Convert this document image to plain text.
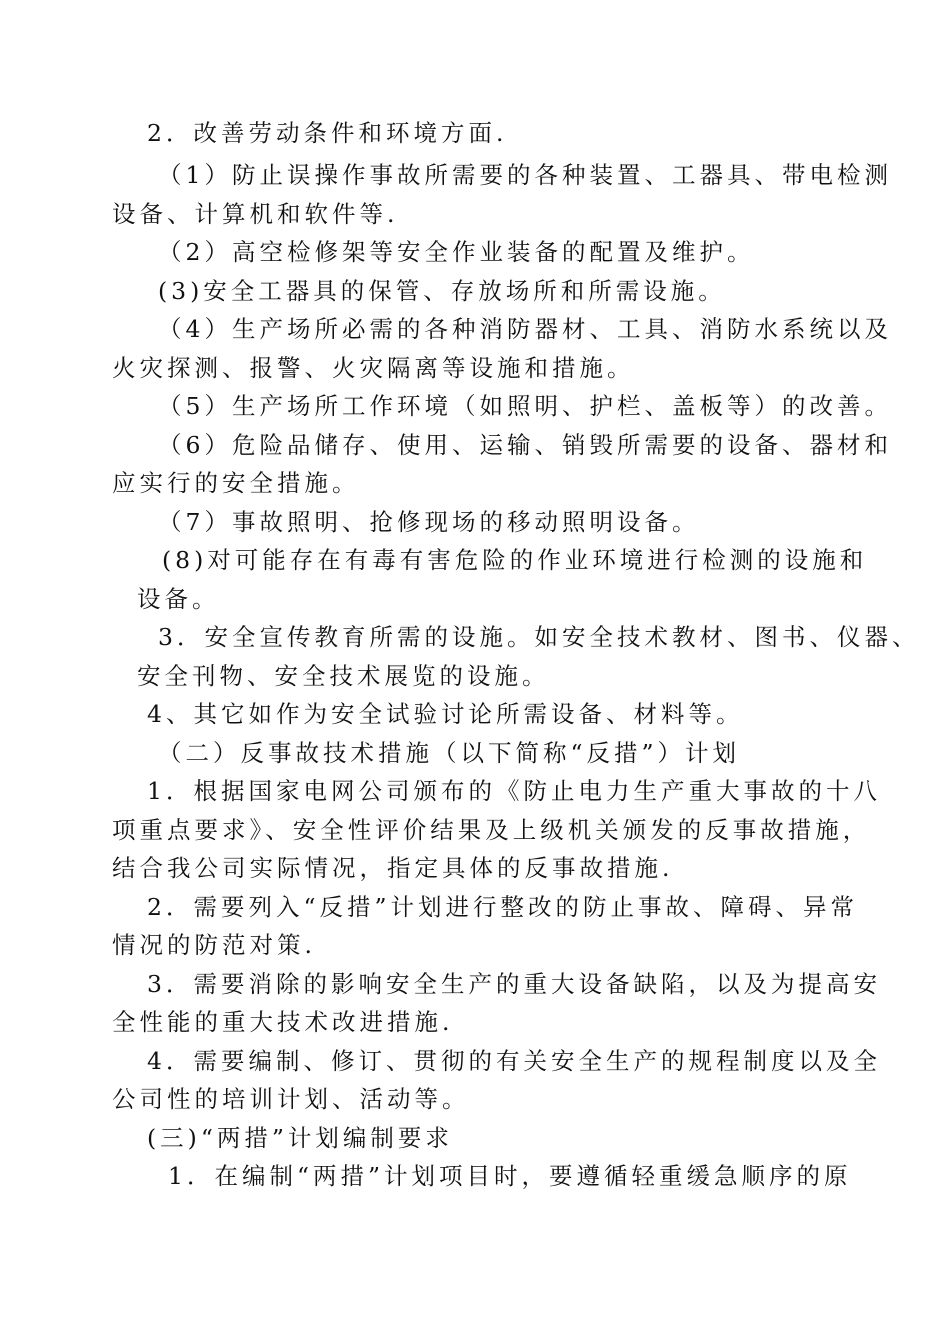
2．改善劳动条件和环境方面.
（1）防止误操作事故所需要的各种装置、工器具、带电检测
设备、计算机和软件等.
（2）高空检修架等安全作业装备的配置及维护。
(3)安全工器具的保管、存放场所和所需设施。
（4）生产场所必需的各种消防器材、工具、消防水系统以及
火灾探测、报警、火灾隔离等设施和措施。
（5）生产场所工作环境（如照明、护栏、盖板等）的改善。
（6）危险品储存、使用、运输、销毁所需要的设备、器材和
应实行的安全措施。
（7）事故照明、抢修现场的移动照明设备。
(8)对可能存在有毒有害危险的作业环境进行检测的设施和
设备。
3．安全宣传教育所需的设施。如安全技术教材、图书、仪器、
安全刊物、安全技术展览的设施。
4、其它如作为安全试验讨论所需设备、材料等。
（二）反事故技术措施（以下简称“反措”）计划
1．根据国家电网公司颁布的《防止电力生产重大事故的十八
项重点要求》、安全性评价结果及上级机关颁发的反事故措施，
结合我公司实际情况，指定具体的反事故措施.
2．需要列入“反措”计划进行整改的防止事故、障碍、异常
情况的防范对策.
3．需要消除的影响安全生产的重大设备缺陷，以及为提高安
全性能的重大技术改进措施.
4．需要编制、修订、贯彻的有关安全生产的规程制度以及全
公司性的培训计划、活动等。
(三)“两措”计划编制要求
1．在编制“两措”计划项目时，要遵循轻重缓急顺序的原
